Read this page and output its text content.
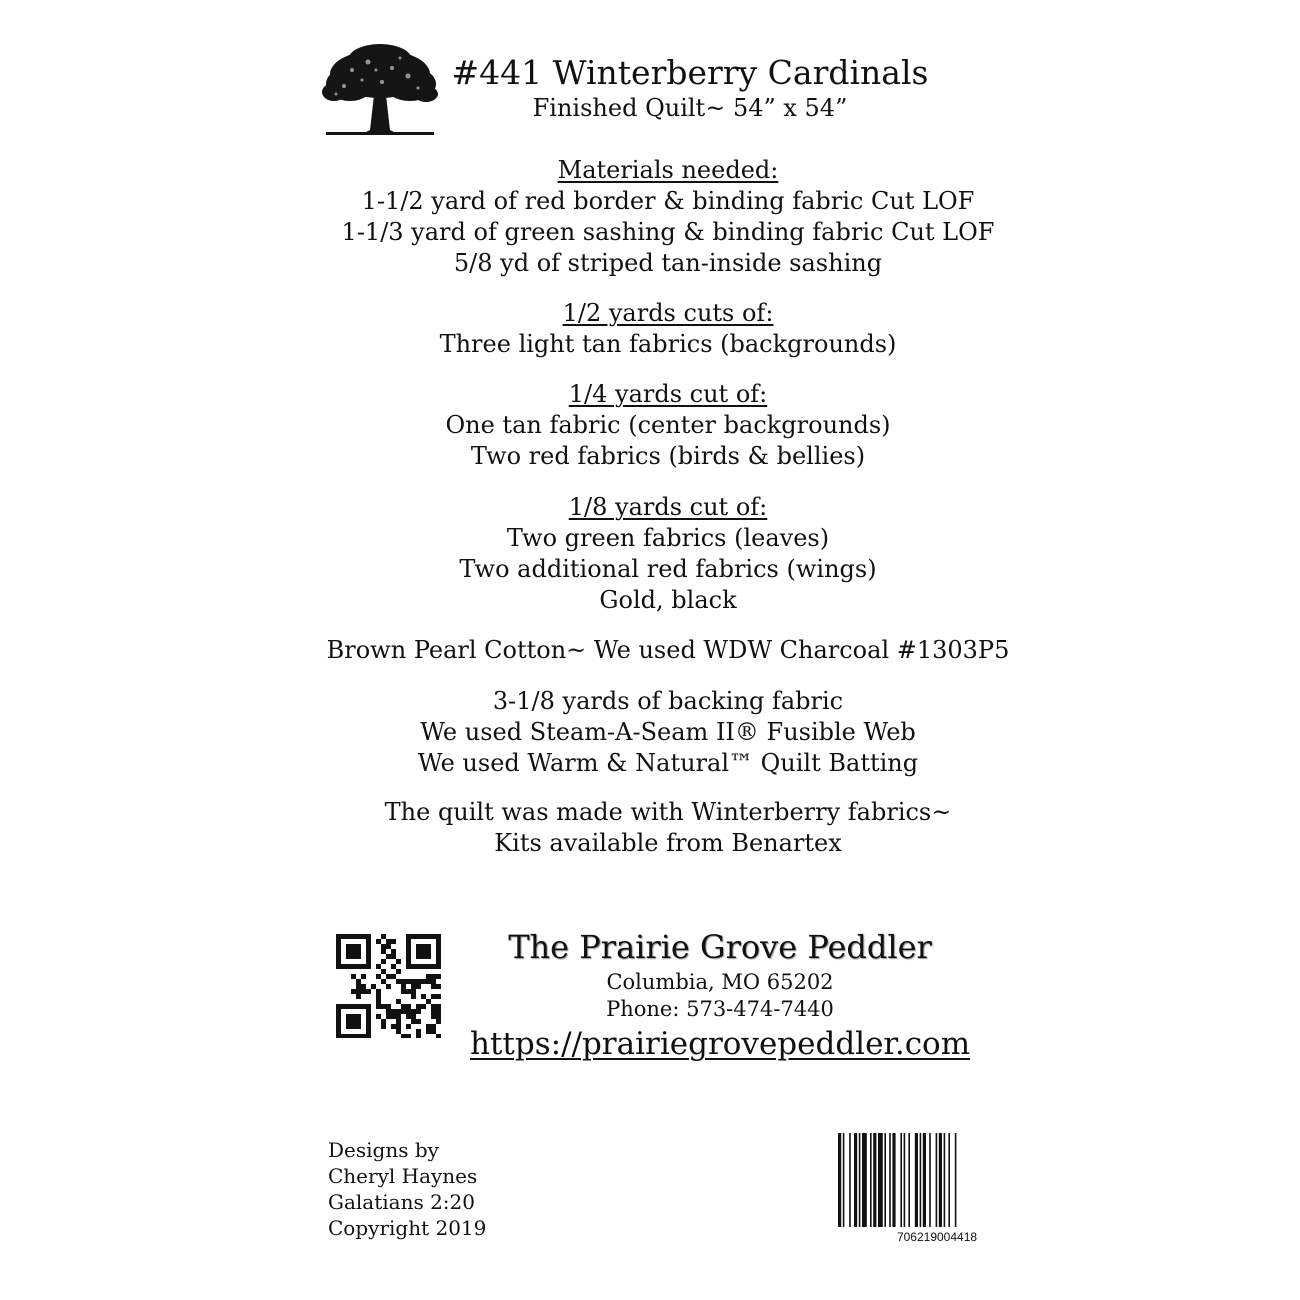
#441 Winterberry Cardinals
Finished Quilt~ 54” x 54”
Materials needed:
1-1/2 yard of red border & binding fabric Cut LOF
1-1/3 yard of green sashing & binding fabric Cut LOF
5/8 yd of striped tan-inside sashing
1/2 yards cuts of:
Three light tan fabrics (backgrounds)
1/4 yards cut of:
One tan fabric (center backgrounds)
Two red fabrics (birds & bellies)
1/8 yards cut of:
Two green fabrics (leaves)
Two additional red fabrics (wings)
Gold, black
Brown Pearl Cotton~ We used WDW Charcoal #1303P5
3-1/8 yards of backing fabric
We used Steam-A-Seam II® Fusible Web
We used Warm & Natural™ Quilt Batting
The quilt was made with Winterberry fabrics~
Kits available from Benartex
The Prairie Grove Peddler
Columbia, MO 65202
Phone: 573-474-7440
https://prairiegrovepeddler.com
Designs by
Cheryl Haynes
Galatians 2:20
Copyright 2019	706219004418
